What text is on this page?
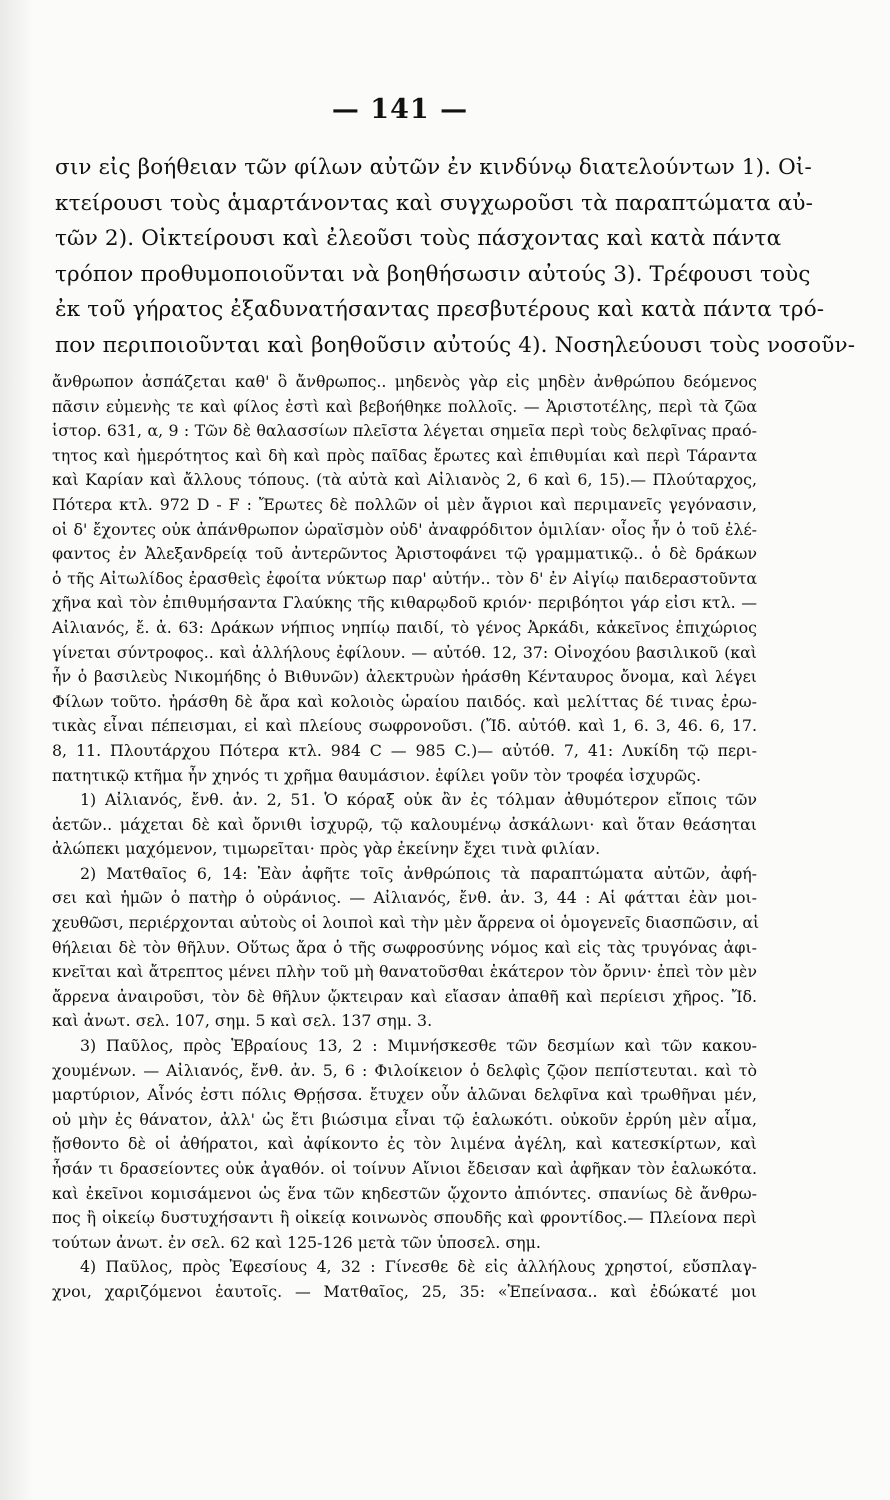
— 141 —
σιν εἰς βοήθειαν τῶν φίλων αὐτῶν ἐν κινδύνῳ διατελούντων 1). Οἰ-
κτείρουσι τοὺς ἁμαρτάνοντας καὶ συγχωροῦσι τὰ παραπτώματα αὐ-
τῶν 2). Οἰκτείρουσι καὶ ἐλεοῦσι τοὺς πάσχοντας καὶ κατὰ πάντα
τρόπον προθυμοποιοῦνται νὰ βοηθήσωσιν αὐτούς 3). Τρέφουσι τοὺς
ἐκ τοῦ γήρατος ἐξαδυνατήσαντας πρεσβυτέρους καὶ κατὰ πάντα τρό-
πον περιποιοῦνται καὶ βοηθοῦσιν αὐτούς 4). Νοσηλεύουσι τοὺς νοσοῦν-
ἄνθρωπον ἀσπάζεται καθ' ὃ ἄνθρωπος.. μηδενὸς γὰρ εἰς μηδὲν ἀνθρώπου δεόμενος
πᾶσιν εὐμενὴς τε καὶ φίλος ἐστὶ καὶ βεβοήθηκε πολλοῖς. — Ἀριστοτέλης, περὶ τὰ ζῶα
ἱστορ. 631, α, 9 : Τῶν δὲ θαλασσίων πλεῖστα λέγεται σημεῖα περὶ τοὺς δελφῖνας πραό-
τητος καὶ ἡμερότητος καὶ δὴ καὶ πρὸς παῖδας ἔρωτες καὶ ἐπιθυμίαι καὶ περὶ Τάραντα
καὶ Καρίαν καὶ ἄλλους τόπους. (τὰ αὐτὰ καὶ Αἰλιανὸς 2, 6 καὶ 6, 15).— Πλούταρχος,
Πότερα κτλ. 972 D - F : Ἔρωτες δὲ πολλῶν οἱ μὲν ἄγριοι καὶ περιμανεῖς γεγόνασιν,
οἱ δ' ἔχοντες οὐκ ἀπάνθρωπον ὡραϊσμὸν οὐδ' ἀναφρόδιτον ὁμιλίαν· οἷος ἦν ὁ τοῦ ἐλέ-
φαντος ἐν Ἀλεξανδρείᾳ τοῦ ἀντερῶντος Ἀριστοφάνει τῷ γραμματικῷ.. ὁ δὲ δράκων
ὁ τῆς Αἰτωλίδος ἐρασθεὶς ἐφοίτα νύκτωρ παρ' αὐτήν.. τὸν δ' ἐν Αἰγίῳ παιδεραστοῦντα
χῆνα καὶ τὸν ἐπιθυμήσαντα Γλαύκης τῆς κιθαρῳδοῦ κριόν· περιβόητοι γάρ εἰσι κτλ. —
Αἰλιανός, ἔ. ἀ. 63: Δράκων νήπιος νηπίῳ παιδί, τὸ γένος Ἀρκάδι, κἀκεῖνος ἐπιχώριος
γίνεται σύντροφος.. καὶ ἀλλήλους ἐφίλουν. — αὐτόθ. 12, 37: Οἰνοχόου βασιλικοῦ (καὶ
ἦν ὁ βασιλεὺς Νικομήδης ὁ Βιθυνῶν) ἀλεκτρυὼν ἠράσθη Κένταυρος ὄνομα, καὶ λέγει
Φίλων τοῦτο. ἠράσθη δὲ ἄρα καὶ κολοιὸς ὡραίου παιδός. καὶ μελίττας δέ τινας ἐρω-
τικὰς εἶναι πέπεισμαι, εἰ καὶ πλείους σωφρονοῦσι. (Ἴδ. αὐτόθ. καὶ 1, 6. 3, 46. 6, 17.
8, 11. Πλουτάρχου Πότερα κτλ. 984 C — 985 C.)— αὐτόθ. 7, 41: Λυκίδη τῷ περι-
πατητικῷ κτῆμα ἦν χηνός τι χρῆμα θαυμάσιον. ἐφίλει γοῦν τὸν τροφέα ἰσχυρῶς.
1) Αἰλιανός, ἔνθ. ἀν. 2, 51. Ὁ κόραξ οὐκ ἂν ἐς τόλμαν ἀθυμότερον εἴποις τῶν
ἀετῶν.. μάχεται δὲ καὶ ὄρνιθι ἰσχυρῷ, τῷ καλουμένῳ ἀσκάλωνι· καὶ ὅταν θεάσηται
ἀλώπεκι μαχόμενον, τιμωρεῖται· πρὸς γὰρ ἐκείνην ἔχει τινὰ φιλίαν.
2) Ματθαῖος 6, 14: Ἐὰν ἀφῆτε τοῖς ἀνθρώποις τὰ παραπτώματα αὐτῶν, ἀφή-
σει καὶ ἡμῶν ὁ πατὴρ ὁ οὐράνιος. — Αἰλιανός, ἔνθ. ἀν. 3, 44 : Αἱ φάτται ἐὰν μοι-
χευθῶσι, περιέρχονται αὐτοὺς οἱ λοιποὶ καὶ τὴν μὲν ἄρρενα οἱ ὁμογενεῖς διασπῶσιν, αἱ
θήλειαι δὲ τὸν θῆλυν. Οὕτως ἄρα ὁ τῆς σωφροσύνης νόμος καὶ εἰς τὰς τρυγόνας ἀφι-
κνεῖται καὶ ἄτρεπτος μένει πλὴν τοῦ μὴ θανατοῦσθαι ἑκάτερον τὸν ὄρνιν· ἐπεὶ τὸν μὲν
ἄρρενα ἀναιροῦσι, τὸν δὲ θῆλυν ᾤκτειραν καὶ εἴασαν ἀπαθῆ καὶ περίεισι χῆρος. Ἴδ.
καὶ ἀνωτ. σελ. 107, σημ. 5 καὶ σελ. 137 σημ. 3.
3) Παῦλος, πρὸς Ἑβραίους 13, 2 : Μιμνήσκεσθε τῶν δεσμίων καὶ τῶν κακου-
χουμένων. — Αἰλιανός, ἔνθ. ἀν. 5, 6 : Φιλοίκειον ὁ δελφὶς ζῷον πεπίστευται. καὶ τὸ
μαρτύριον, Αἶνός ἐστι πόλις Θρῄσσα. ἔτυχεν οὖν ἁλῶναι δελφῖνα καὶ τρωθῆναι μέν,
οὐ μὴν ἐς θάνατον, ἀλλ' ὡς ἔτι βιώσιμα εἶναι τῷ ἑαλωκότι. οὐκοῦν ἐρρύη μὲν αἷμα,
ᾔσθοντο δὲ οἱ ἀθήρατοι, καὶ ἀφίκοντο ἐς τὸν λιμένα ἀγέλη, καὶ κατεσκίρτων, καὶ
ἦσάν τι δρασείοντες οὐκ ἀγαθόν. οἱ τοίνυν Αἴνιοι ἔδεισαν καὶ ἀφῆκαν τὸν ἑαλωκότα.
καὶ ἐκεῖνοι κομισάμενοι ὡς ἕνα τῶν κηδεστῶν ᾤχοντο ἀπιόντες. σπανίως δὲ ἄνθρω-
πος ἢ οἰκείῳ δυστυχήσαντι ἢ οἰκείᾳ κοινωνὸς σπουδῆς καὶ φροντίδος.— Πλείονα περὶ
τούτων ἀνωτ. ἐν σελ. 62 καὶ 125-126 μετὰ τῶν ὑποσελ. σημ.
4) Παῦλος, πρὸς Ἐφεσίους 4, 32 : Γίνεσθε δὲ εἰς ἀλλήλους χρηστοί, εὔσπλαγ-
χνοι, χαριζόμενοι ἑαυτοῖς. — Ματθαῖος, 25, 35: «Ἐπείνασα.. καὶ ἐδώκατέ μοι
